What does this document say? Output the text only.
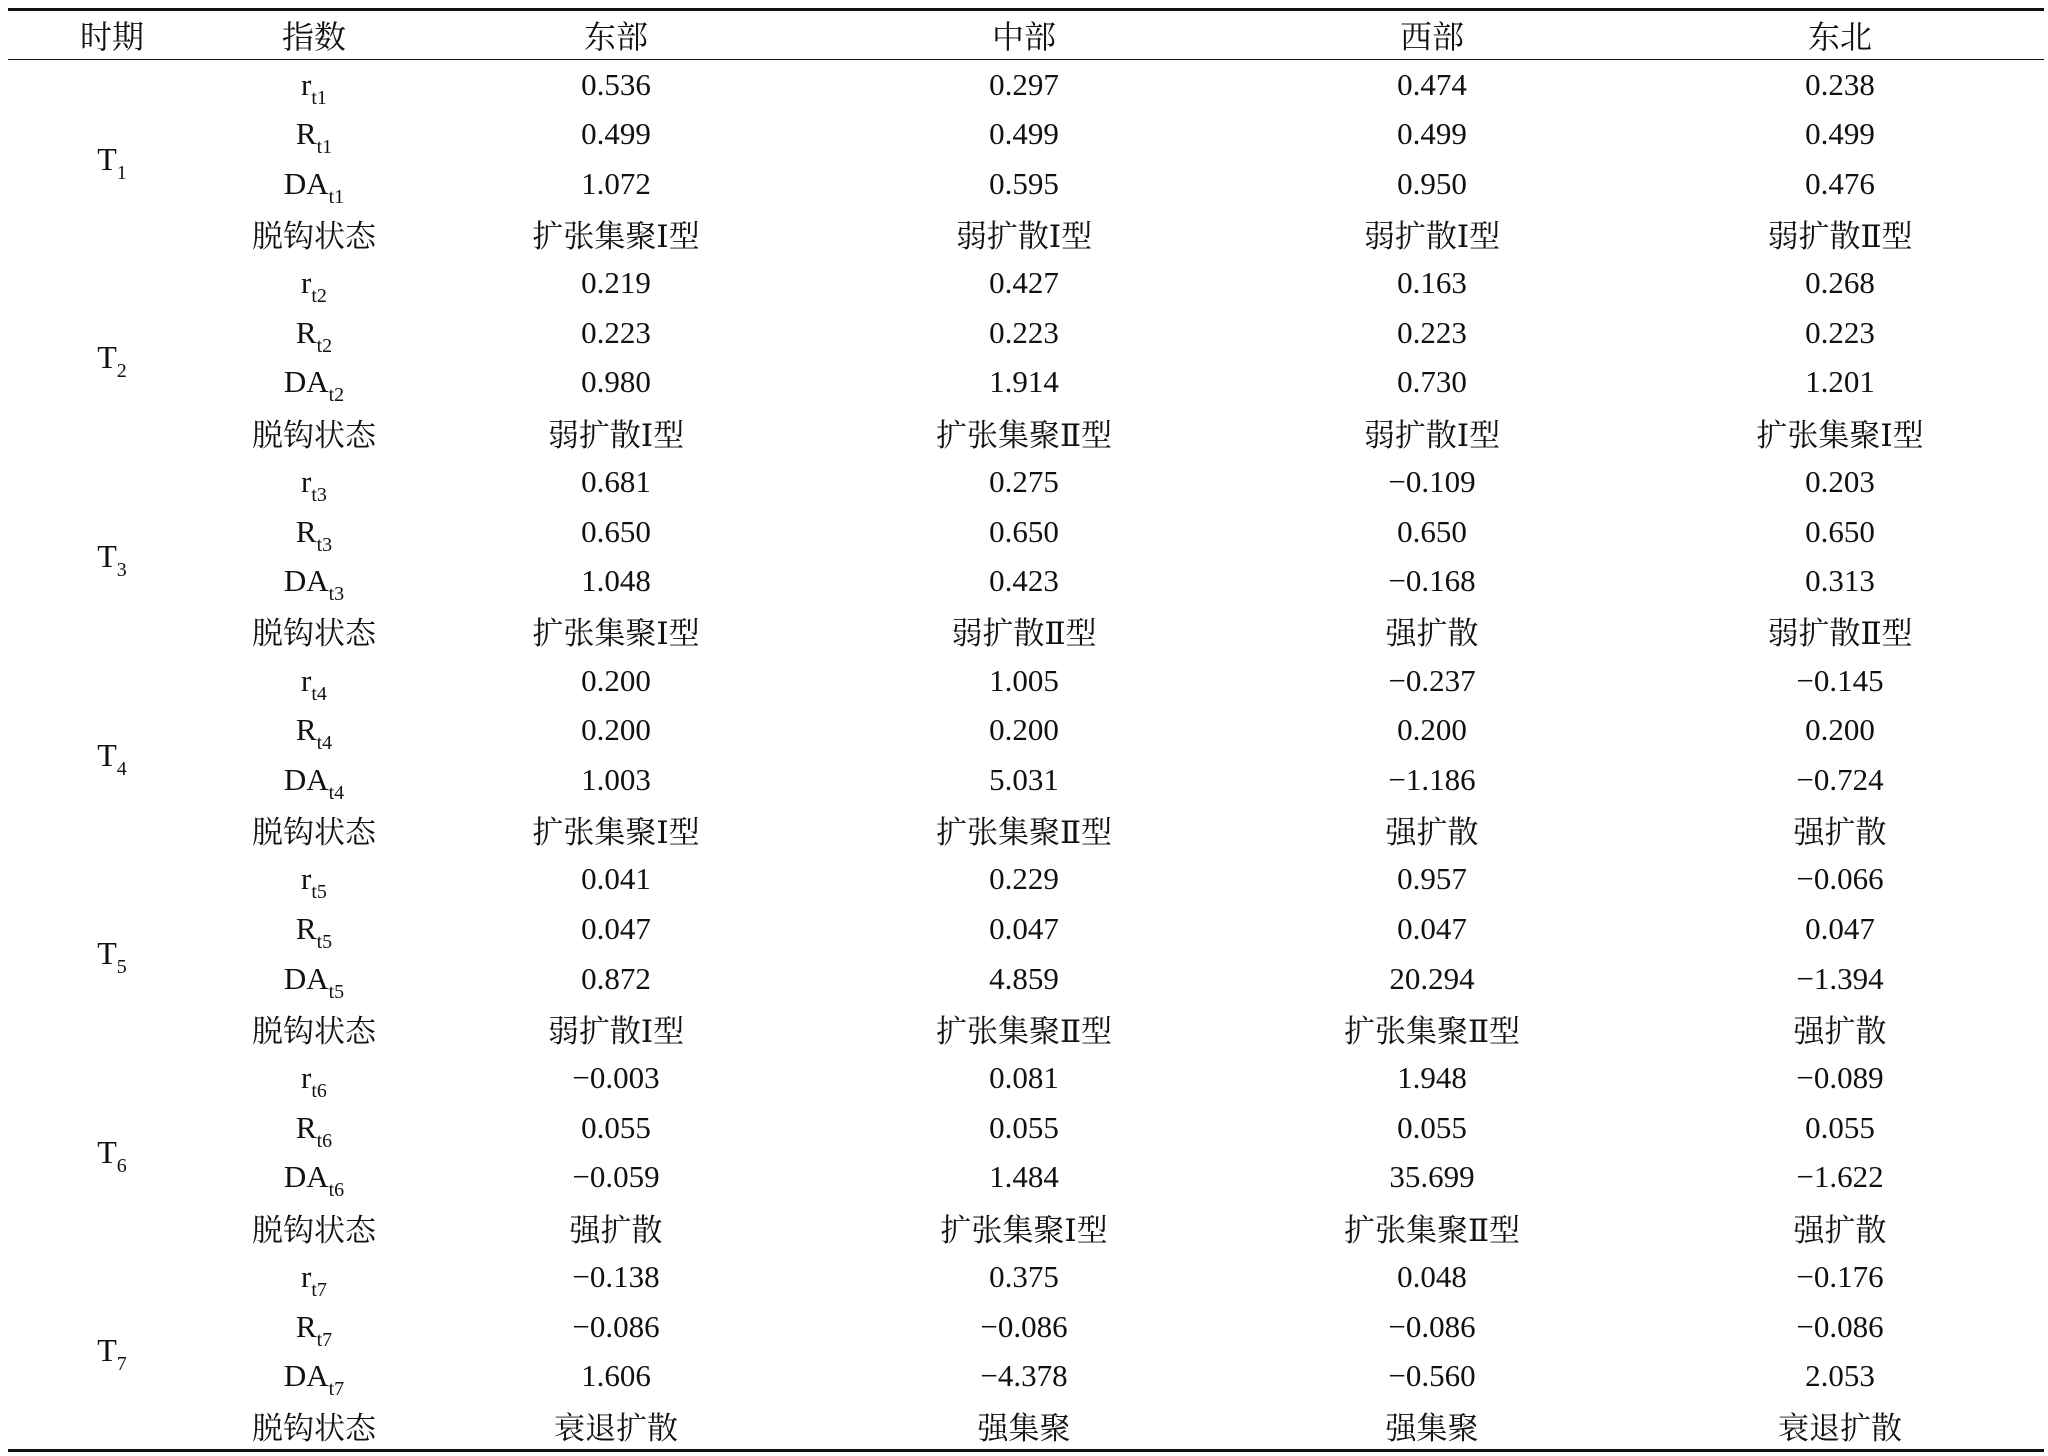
时期	指数	东部	中部	西部	东北
$T_1$	$r_{t1}$	0.536	0.297	0.474	0.238
	$R_{t1}$	0.499	0.499	0.499	0.499
	$DA_{t1}$	1.072	0.595	0.950	0.476
	脱钩状态	扩张集聚Ⅰ型	弱扩散Ⅰ型	弱扩散Ⅰ型	弱扩散Ⅱ型
$T_2$	$r_{t2}$	0.219	0.427	0.163	0.268
	$R_{t2}$	0.223	0.223	0.223	0.223
	$DA_{t2}$	0.980	1.914	0.730	1.201
	脱钩状态	弱扩散Ⅰ型	扩张集聚Ⅱ型	弱扩散Ⅰ型	扩张集聚Ⅰ型
$T_3$	$r_{t3}$	0.681	0.275	−0.109	0.203
	$R_{t3}$	0.650	0.650	0.650	0.650
	$DA_{t3}$	1.048	0.423	−0.168	0.313
	脱钩状态	扩张集聚Ⅰ型	弱扩散Ⅱ型	强扩散	弱扩散Ⅱ型
$T_4$	$r_{t4}$	0.200	1.005	−0.237	−0.145
	$R_{t4}$	0.200	0.200	0.200	0.200
	$DA_{t4}$	1.003	5.031	−1.186	−0.724
	脱钩状态	扩张集聚Ⅰ型	扩张集聚Ⅱ型	强扩散	强扩散
$T_5$	$r_{t5}$	0.041	0.229	0.957	−0.066
	$R_{t5}$	0.047	0.047	0.047	0.047
	$DA_{t5}$	0.872	4.859	20.294	−1.394
	脱钩状态	弱扩散Ⅰ型	扩张集聚Ⅱ型	扩张集聚Ⅱ型	强扩散
$T_6$	$r_{t6}$	−0.003	0.081	1.948	−0.089
	$R_{t6}$	0.055	0.055	0.055	0.055
	$DA_{t6}$	−0.059	1.484	35.699	−1.622
	脱钩状态	强扩散	扩张集聚Ⅰ型	扩张集聚Ⅱ型	强扩散
$T_7$	$r_{t7}$	−0.138	0.375	0.048	−0.176
	$R_{t7}$	−0.086	−0.086	−0.086	−0.086
	$DA_{t7}$	1.606	−4.378	−0.560	2.053
	脱钩状态	衰退扩散	强集聚	强集聚	衰退扩散
